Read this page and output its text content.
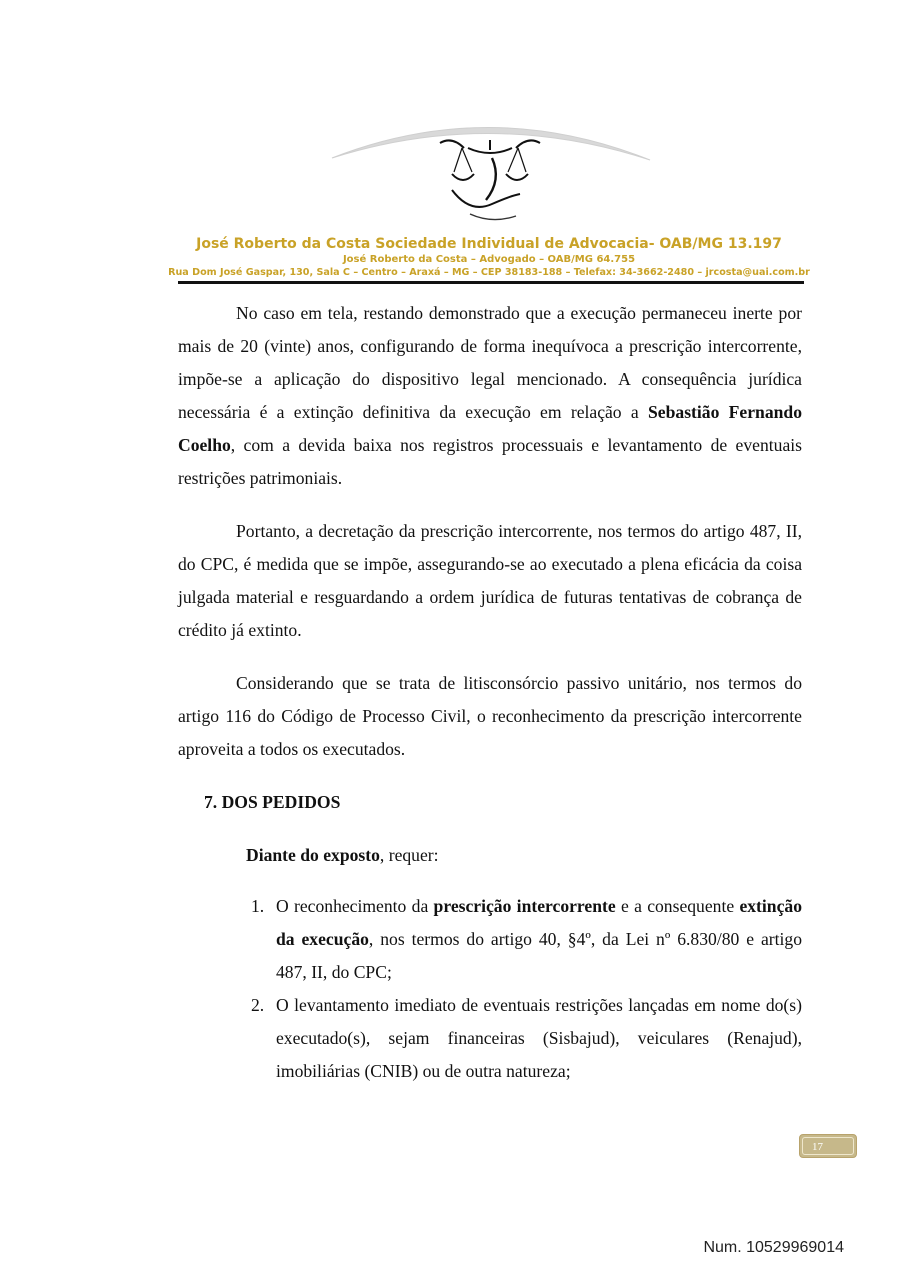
José Roberto da Costa Sociedade Individual de Advocacia- OAB/MG 13.197
José Roberto da Costa – Advogado – OAB/MG 64.755
Rua Dom José Gaspar, 130, Sala C – Centro – Araxá – MG – CEP 38183-188 – Telefax: 34-3662-2480 – jrcosta@uai.com.br

No caso em tela, restando demonstrado que a execução permaneceu inerte por mais de 20 (vinte) anos, configurando de forma inequívoca a prescrição intercorrente, impõe-se a aplicação do dispositivo legal mencionado. A consequência jurídica necessária é a extinção definitiva da execução em relação a Sebastião Fernando Coelho, com a devida baixa nos registros processuais e levantamento de eventuais restrições patrimoniais.

Portanto, a decretação da prescrição intercorrente, nos termos do artigo 487, II, do CPC, é medida que se impõe, assegurando-se ao executado a plena eficácia da coisa julgada material e resguardando a ordem jurídica de futuras tentativas de cobrança de crédito já extinto.

Considerando que se trata de litisconsórcio passivo unitário, nos termos do artigo 116 do Código de Processo Civil, o reconhecimento da prescrição intercorrente aproveita a todos os executados.

7. DOS PEDIDOS

Diante do exposto, requer:

1. O reconhecimento da prescrição intercorrente e a consequente extinção da execução, nos termos do artigo 40, §4º, da Lei nº 6.830/80 e artigo 487, II, do CPC;
2. O levantamento imediato de eventuais restrições lançadas em nome do(s) executado(s), sejam financeiras (Sisbajud), veiculares (Renajud), imobiliárias (CNIB) ou de outra natureza;
17
Num. 10529969014
